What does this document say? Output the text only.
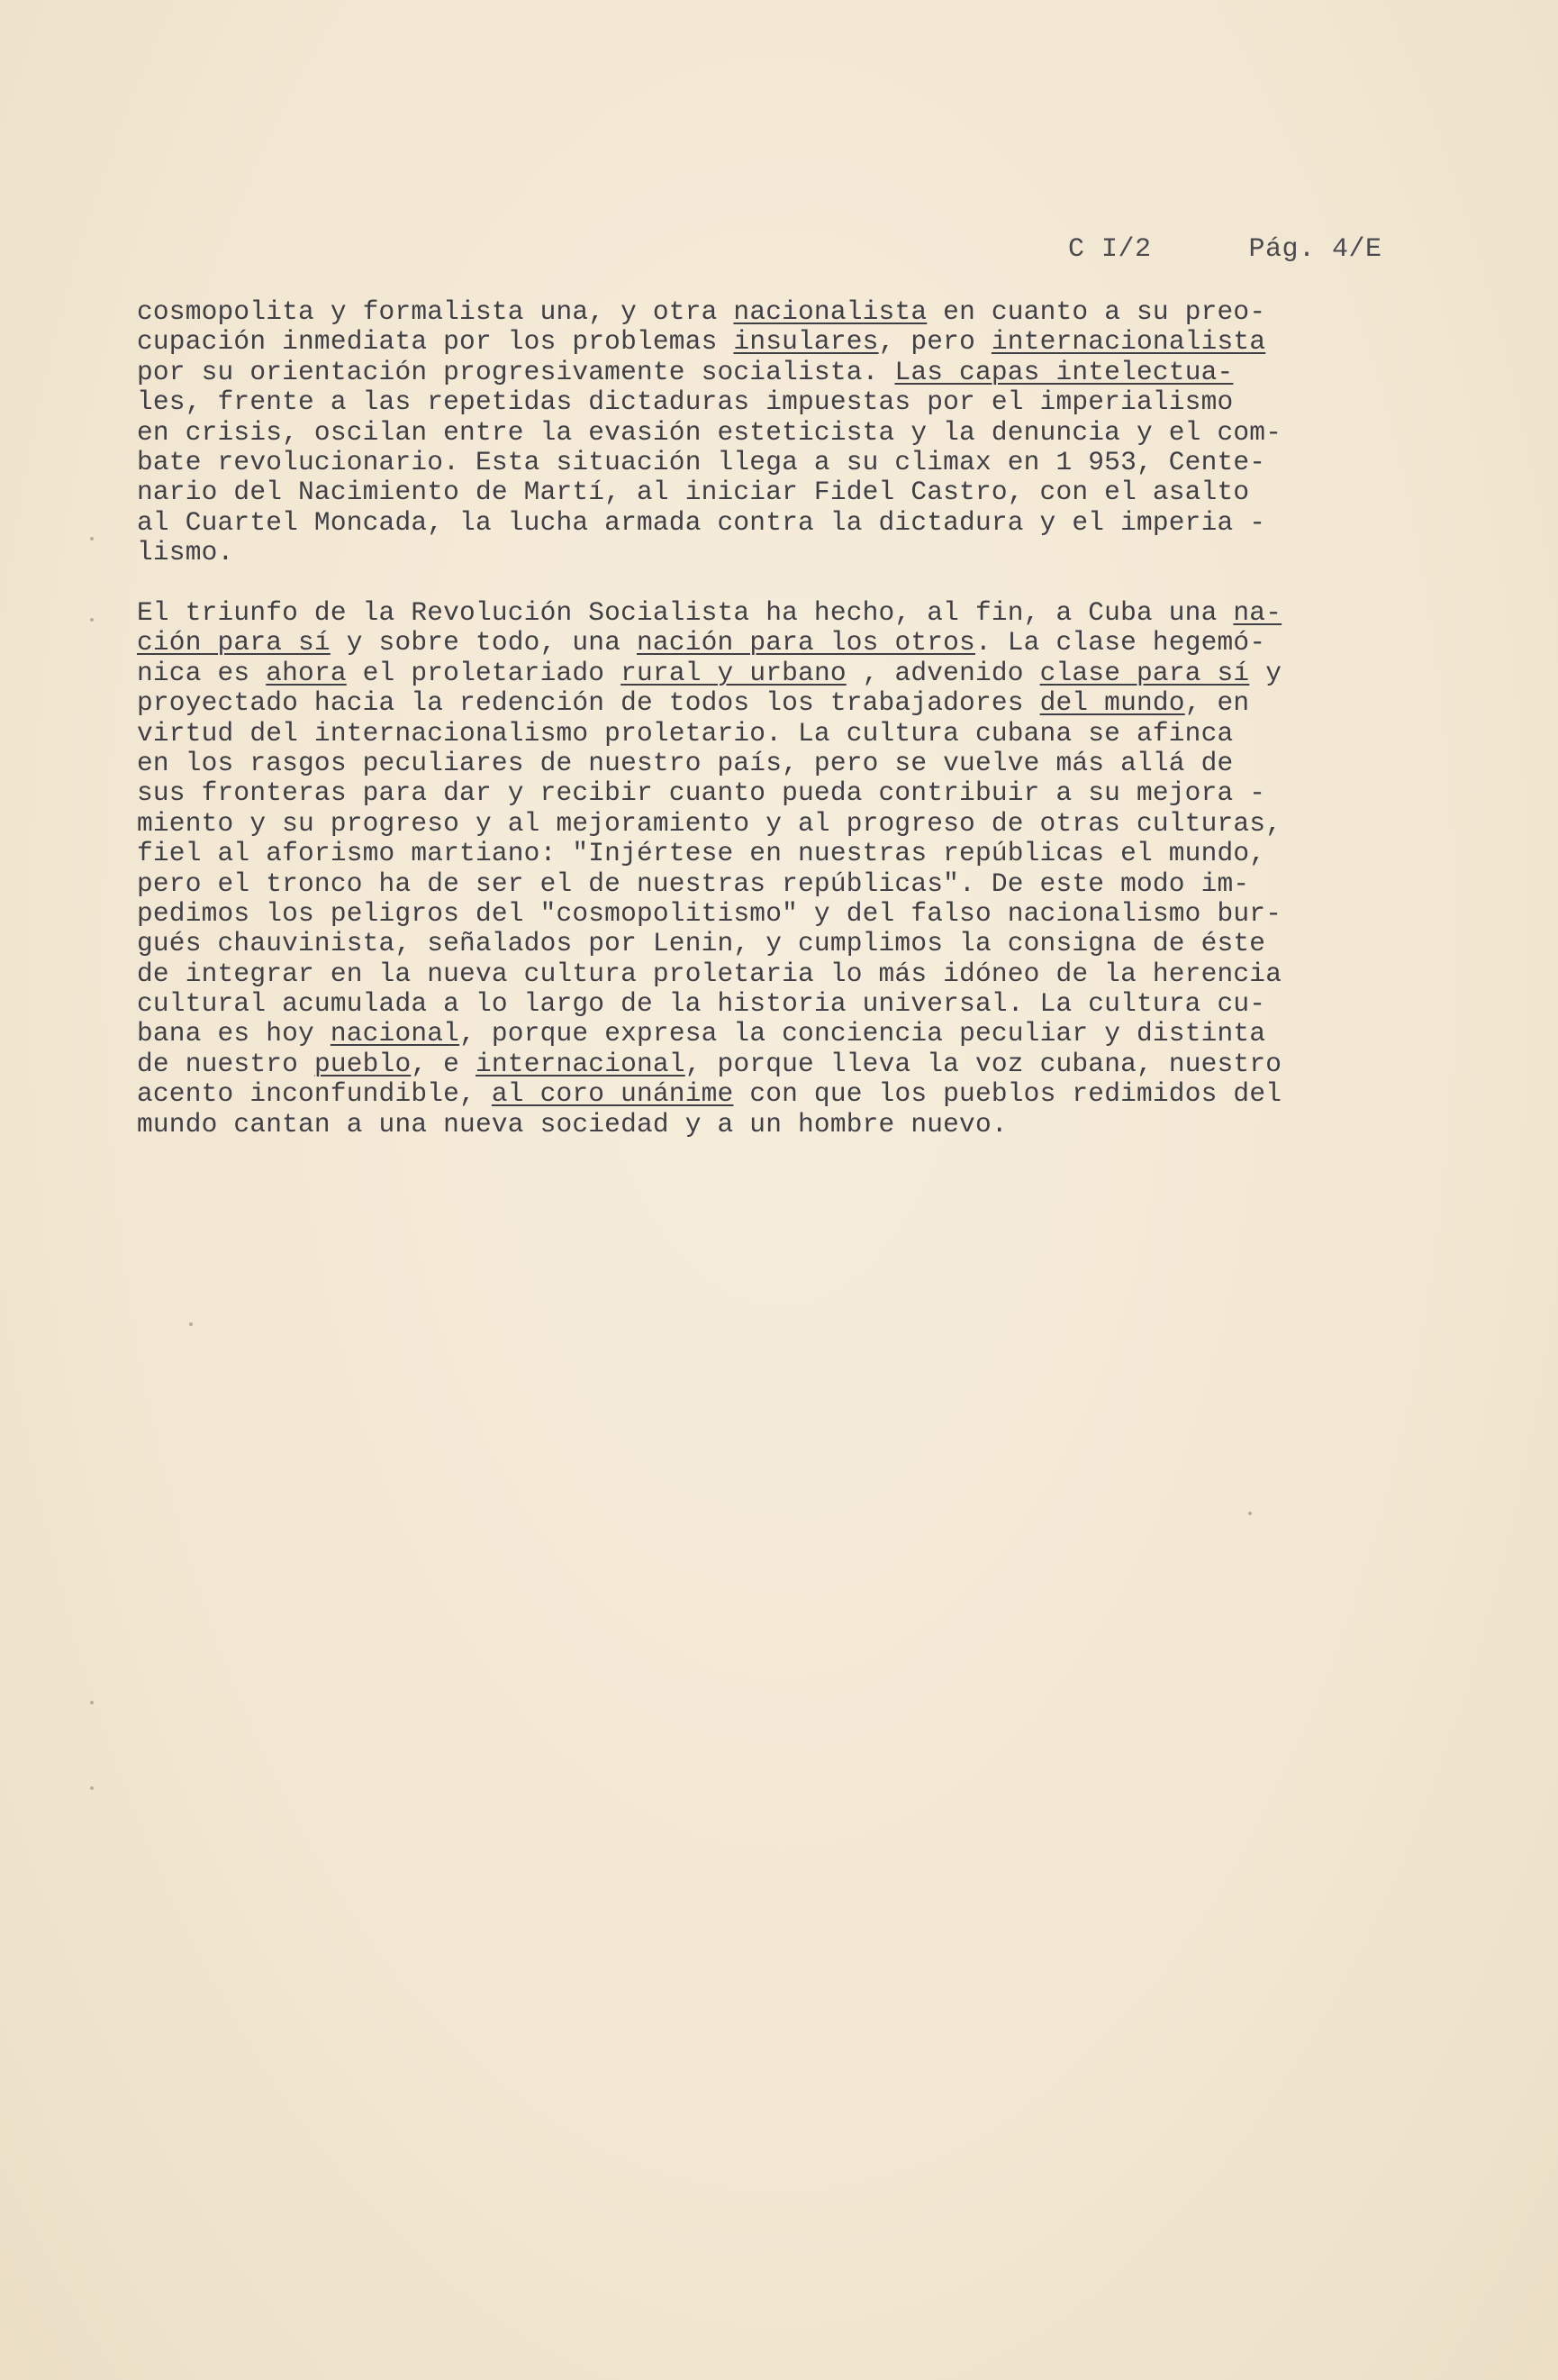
C I/2	Pág. 4/E

cosmopolita y formalista una, y otra nacionalista en cuanto a su preo-
cupación inmediata por los problemas insulares, pero internacionalista
por su orientación progresivamente socialista. Las capas intelectua-
les, frente a las repetidas dictaduras impuestas por el imperialismo
en crisis, oscilan entre la evasión esteticista y la denuncia y el com-
bate revolucionario. Esta situación llega a su climax en 1 953, Cente-
nario del Nacimiento de Martí, al iniciar Fidel Castro, con el asalto
al Cuartel Moncada, la lucha armada contra la dictadura y el imperia -
lismo.
El triunfo de la Revolución Socialista ha hecho, al fin, a Cuba una na-
ción para sí y sobre todo, una nación para los otros. La clase hegemó-
nica es ahora el proletariado rural y urbano , advenido clase para sí y
proyectado hacia la redención de todos los trabajadores del mundo, en
virtud del internacionalismo proletario. La cultura cubana se afinca
en los rasgos peculiares de nuestro país, pero se vuelve más allá de
sus fronteras para dar y recibir cuanto pueda contribuir a su mejora -
miento y su progreso y al mejoramiento y al progreso de otras culturas,
fiel al aforismo martiano: "Injértese en nuestras repúblicas el mundo,
pero el tronco ha de ser el de nuestras repúblicas". De este modo im-
pedimos los peligros del "cosmopolitismo" y del falso nacionalismo bur-
gués chauvinista, señalados por Lenin, y cumplimos la consigna de éste
de integrar en la nueva cultura proletaria lo más idóneo de la herencia
cultural acumulada a lo largo de la historia universal. La cultura cu-
bana es hoy nacional, porque expresa la conciencia peculiar y distinta
de nuestro pueblo, e internacional, porque lleva la voz cubana, nuestro
acento inconfundible, al coro unánime con que los pueblos redimidos del
mundo cantan a una nueva sociedad y a un hombre nuevo.
